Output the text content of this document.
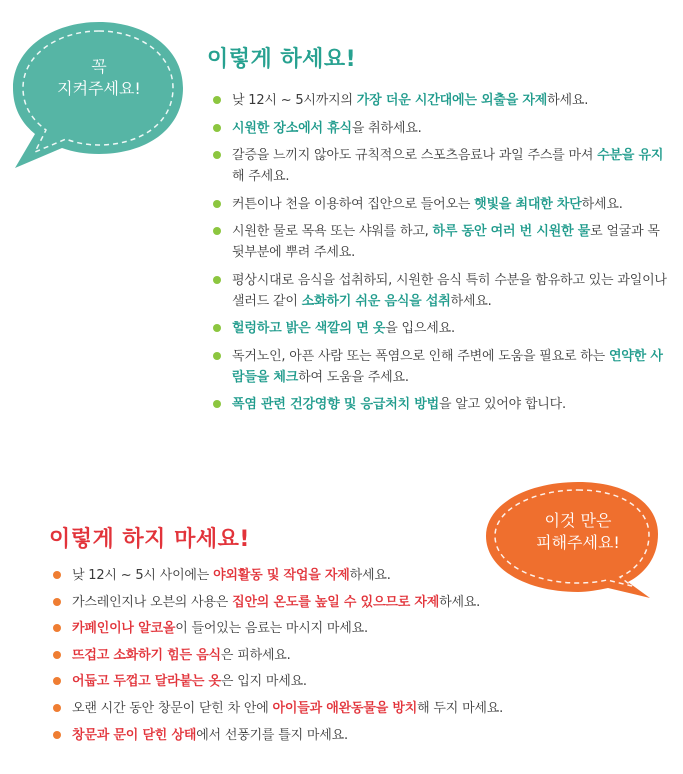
꼭
지켜주세요!
이렇게 하세요!
낮 12시 ~ 5시까지의 가장 더운 시간대에는 외출을 자제하세요.
시원한 장소에서 휴식을 취하세요.
갈증을 느끼지 않아도 규칙적으로 스포츠음료나 과일 주스를 마셔 수분을 유지해 주세요.
커튼이나 천을 이용하여 집안으로 들어오는 햇빛을 최대한 차단하세요.
시원한 물로 목욕 또는 샤워를 하고, 하루 동안 여러 번 시원한 물로 얼굴과 목 뒷부분에 뿌려 주세요.
평상시대로 음식을 섭취하되, 시원한 음식 특히 수분을 함유하고 있는 과일이나 샐러드 같이 소화하기 쉬운 음식을 섭취하세요.
헐렁하고 밝은 색깔의 면 옷을 입으세요.
독거노인, 아픈 사람 또는 폭염으로 인해 주변에 도움을 필요로 하는 연약한 사람들을 체크하여 도움을 주세요.
폭염 관련 건강영향 및 응급처치 방법을 알고 있어야 합니다.
이것 만은
피해주세요!
이렇게 하지 마세요!
낮 12시 ~ 5시 사이에는 야외활동 및 작업을 자제하세요.
가스레인지나 오븐의 사용은 집안의 온도를 높일 수 있으므로 자제하세요.
카페인이나 알코올이 들어있는 음료는 마시지 마세요.
뜨겁고 소화하기 힘든 음식은 피하세요.
어둡고 두껍고 달라붙는 옷은 입지 마세요.
오랜 시간 동안 창문이 닫힌 차 안에 아이들과 애완동물을 방치해 두지 마세요.
창문과 문이 닫힌 상태에서 선풍기를 틀지 마세요.
